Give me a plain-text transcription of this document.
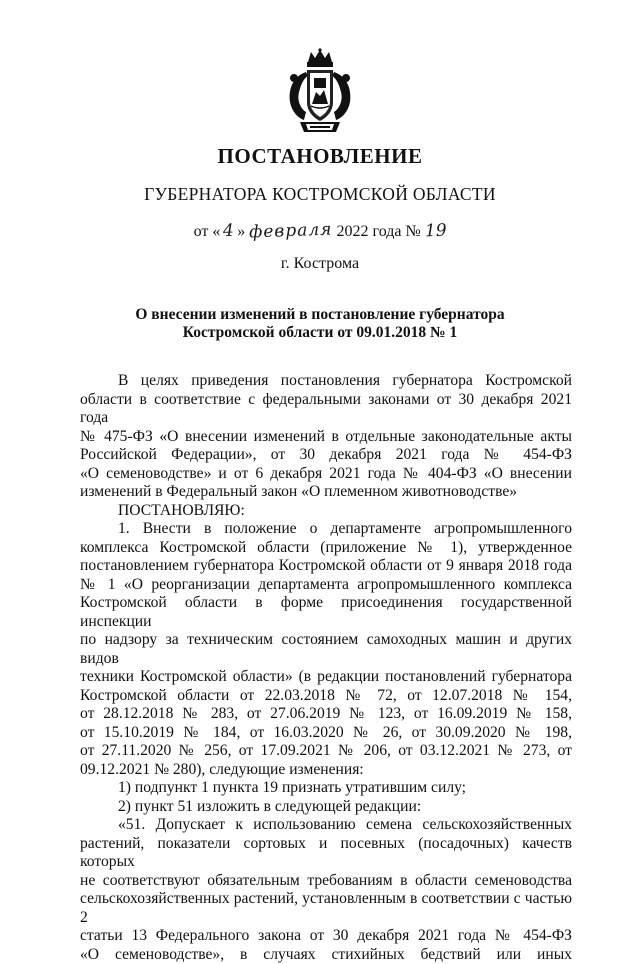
ПОСТАНОВЛЕНИЕ
ГУБЕРНАТОРА КОСТРОМСКОЙ ОБЛАСТИ
от « 4 » февраля 2022 года № 19
г. Кострома
О внесении изменений в постановление губернатора
Костромской области от 09.01.2018 № 1

В целях приведения постановления губернатора Костромской

области в соответствие с федеральными законами от 30 декабря 2021 года

№ 475-ФЗ «О внесении изменений в отдельные законодательные акты

Российской Федерации», от 30 декабря 2021 года № 454-ФЗ

«О семеноводстве» и от 6 декабря 2021 года № 404-ФЗ «О внесении

изменений в Федеральный закон «О племенном животноводстве»

ПОСТАНОВЛЯЮ:

1. Внести в положение о департаменте агропромышленного

комплекса Костромской области (приложение № 1), утвержденное

постановлением губернатора Костромской области от 9 января 2018 года

№ 1 «О реорганизации департамента агропромышленного комплекса

Костромской области в форме присоединения государственной инспекции

по надзору за техническим состоянием самоходных машин и других видов

техники Костромской области» (в редакции постановлений губернатора

Костромской области от 22.03.2018 № 72, от 12.07.2018 № 154,

от 28.12.2018 № 283, от 27.06.2019 № 123, от 16.09.2019 № 158,

от 15.10.2019 № 184, от 16.03.2020 № 26, от 30.09.2020 № 198,

от 27.11.2020 № 256, от 17.09.2021 № 206, от 03.12.2021 № 273, от

09.12.2021 № 280), следующие изменения:

1) подпункт 1 пункта 19 признать утратившим силу;

2) пункт 51 изложить в следующей редакции:

«51. Допускает к использованию семена сельскохозяйственных

растений, показатели сортовых и посевных (посадочных) качеств которых

не соответствуют обязательным требованиям в области семеноводства

сельскохозяйственных растений, установленным в соответствии с частью 2

статьи 13 Федерального закона от 30 декабря 2021 года № 454-ФЗ

«О семеноводстве», в случаях стихийных бедствий или иных
